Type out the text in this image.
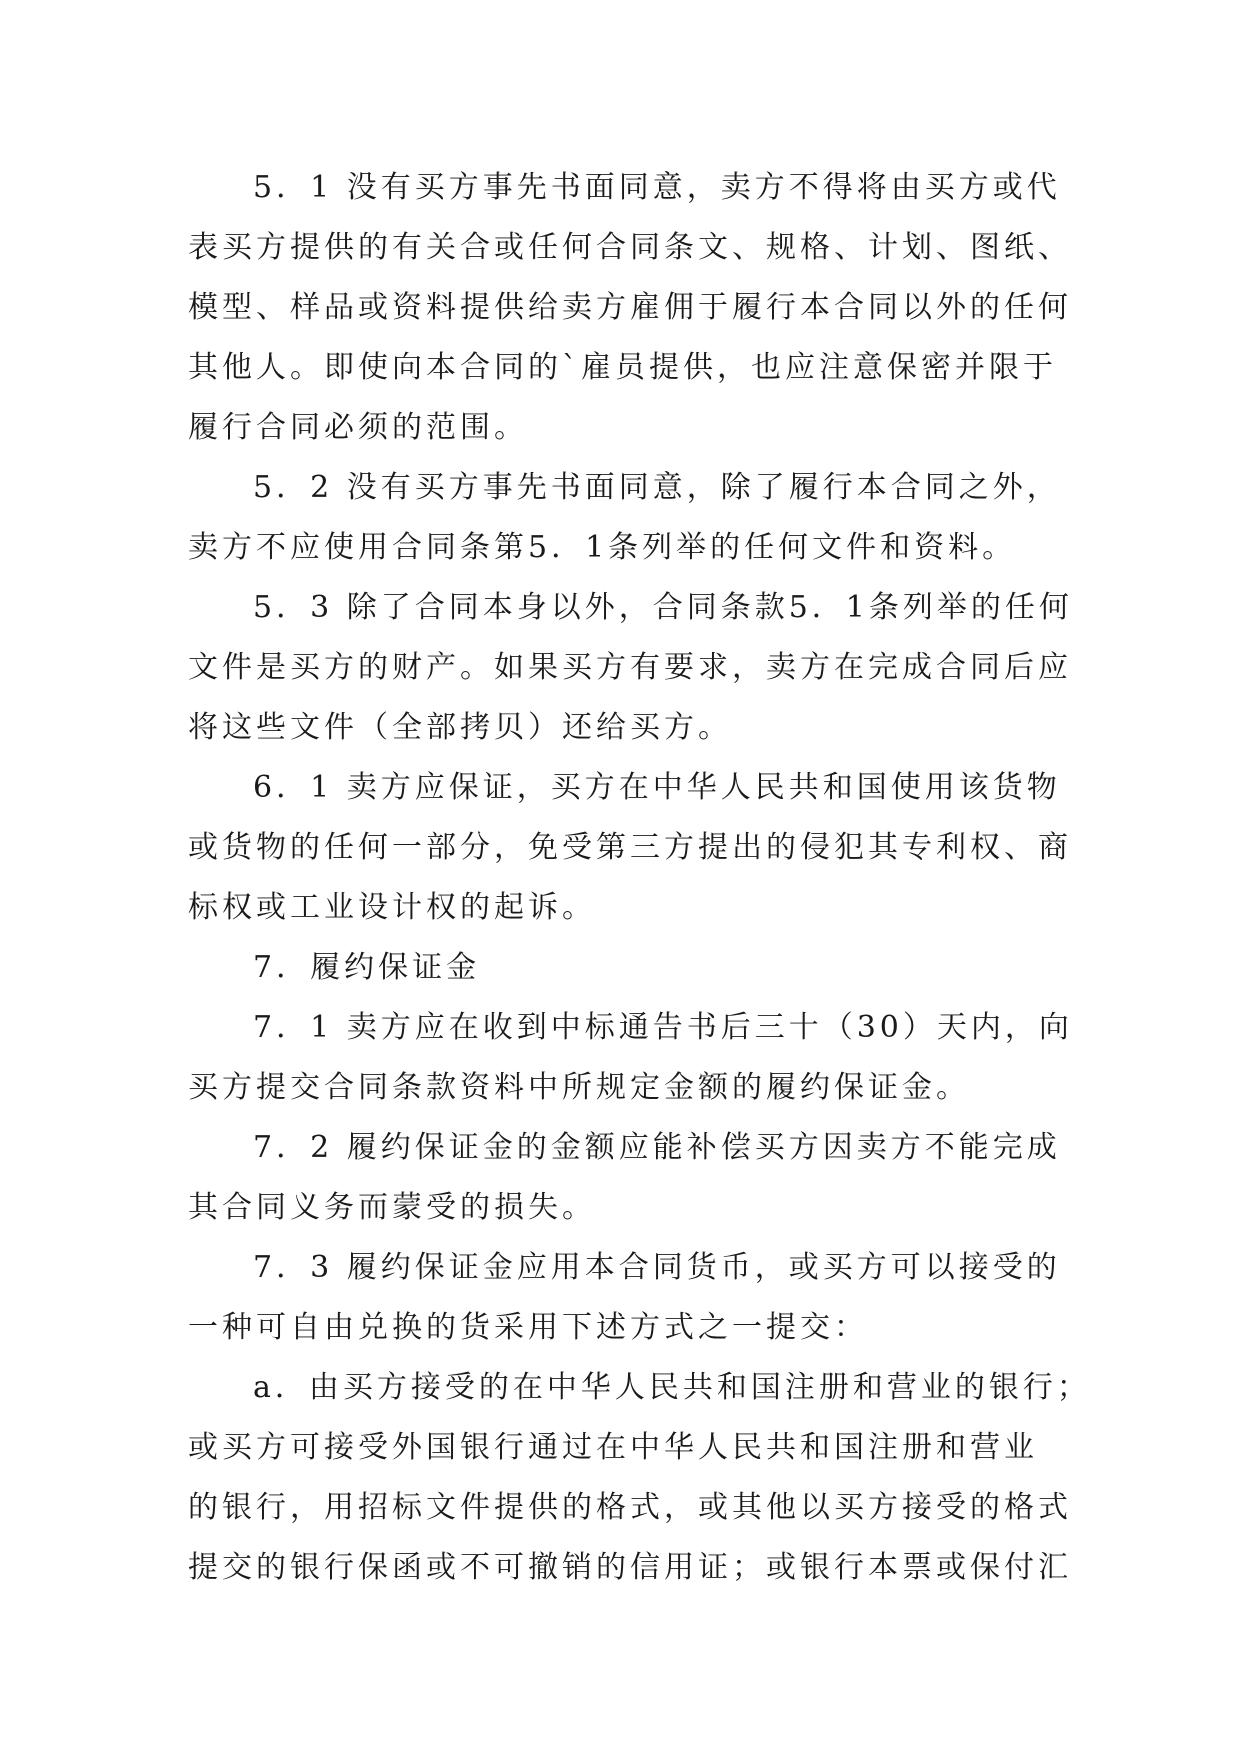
5．1 没有买方事先书面同意，卖方不得将由买方或代
表买方提供的有关合或任何合同条文、规格、计划、图纸、
模型、样品或资料提供给卖方雇佣于履行本合同以外的任何
其他人。即使向本合同的`雇员提供，也应注意保密并限于
履行合同必须的范围。
5．2 没有买方事先书面同意，除了履行本合同之外，
卖方不应使用合同条第5．1条列举的任何文件和资料。
5．3 除了合同本身以外，合同条款5．1条列举的任何
文件是买方的财产。如果买方有要求，卖方在完成合同后应
将这些文件（全部拷贝）还给买方。
6．1 卖方应保证，买方在中华人民共和国使用该货物
或货物的任何一部分，免受第三方提出的侵犯其专利权、商
标权或工业设计权的起诉。
7．履约保证金
7．1 卖方应在收到中标通告书后三十（30）天内，向
买方提交合同条款资料中所规定金额的履约保证金。
7．2 履约保证金的金额应能补偿买方因卖方不能完成
其合同义务而蒙受的损失。
7．3 履约保证金应用本合同货币，或买方可以接受的
一种可自由兑换的货采用下述方式之一提交：
a．由买方接受的在中华人民共和国注册和营业的银行；
或买方可接受外国银行通过在中华人民共和国注册和营业
的银行，用招标文件提供的格式，或其他以买方接受的格式
提交的银行保函或不可撤销的信用证；或银行本票或保付汇
